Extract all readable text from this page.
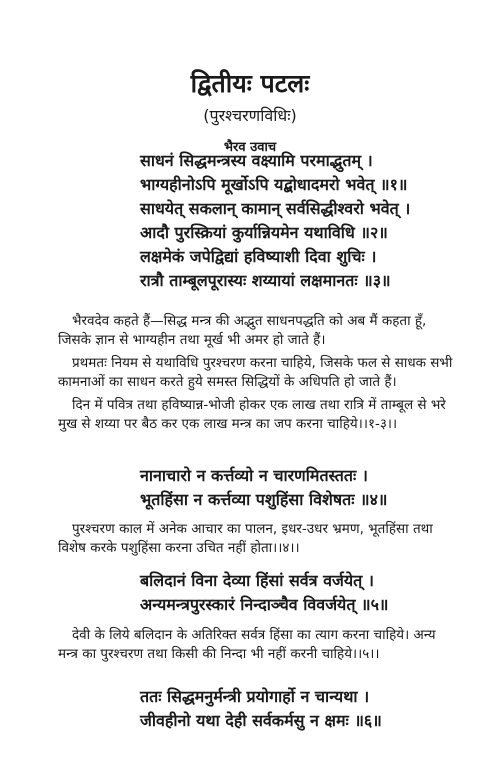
द्वितीयः पटलः
(पुरश्चरणविधिः)
भैरव उवाच
साधनं सिद्धमन्त्रस्य वक्ष्यामि परमाद्भुतम् ।
भाग्यहीनोऽपि मूर्खोऽपि यद्बोधादमरो भवेत् ॥१॥
साधयेत् सकलान् कामान् सर्वसिद्धीश्वरो भवेत् ।
आदौ पुरस्क्रियां कुर्यान्नियमेन यथाविधि ॥२॥
लक्षमेकं जपेद्विद्यां हविष्याशी दिवा शुचिः ।
रात्रौ ताम्बूलपूरास्यः शय्यायां लक्षमानतः ॥३॥

भैरवदेव कहते हैं—सिद्ध मन्त्र की अद्भुत साधनपद्धति को अब मैं कहता हूँ,
जिसके ज्ञान से भाग्यहीन तथा मूर्ख भी अमर हो जाते हैं।

प्रथमतः नियम से यथाविधि पुरश्चरण करना चाहिये, जिसके फल से साधक सभी
कामनाओं का साधन करते हुये समस्त सिद्धियों के अधिपति हो जाते हैं।

दिन में पवित्र तथा हविष्यान्न-भोजी होकर एक लाख तथा रात्रि में ताम्बूल से भरे
मुख से शय्या पर बैठ कर एक लाख मन्त्र का जप करना चाहिये।।१-३।।

नानाचारो न कर्त्तव्यो न चारणमितस्ततः ।
भूतहिंसा न कर्त्तव्या पशुहिंसा विशेषतः ॥४॥

पुरश्चरण काल में अनेक आचार का पालन, इधर-उधर भ्रमण, भूतहिंसा तथा
विशेष करके पशुहिंसा करना उचित नहीं होता।।४।।

बलिदानं विना देव्या हिंसां सर्वत्र वर्जयेत् ।
अन्यमन्त्रपुरस्कारं निन्दाञ्चैव विवर्जयेत् ॥५॥

देवी के लिये बलिदान के अतिरिक्त सर्वत्र हिंसा का त्याग करना चाहिये। अन्य
मन्त्र का पुरश्चरण तथा किसी की निन्दा भी नहीं करनी चाहिये।।५।।

ततः सिद्धमनुर्मन्त्री प्रयोगार्हो न चान्यथा ।
जीवहीनो यथा देही सर्वकर्मसु न क्षमः ॥६॥
